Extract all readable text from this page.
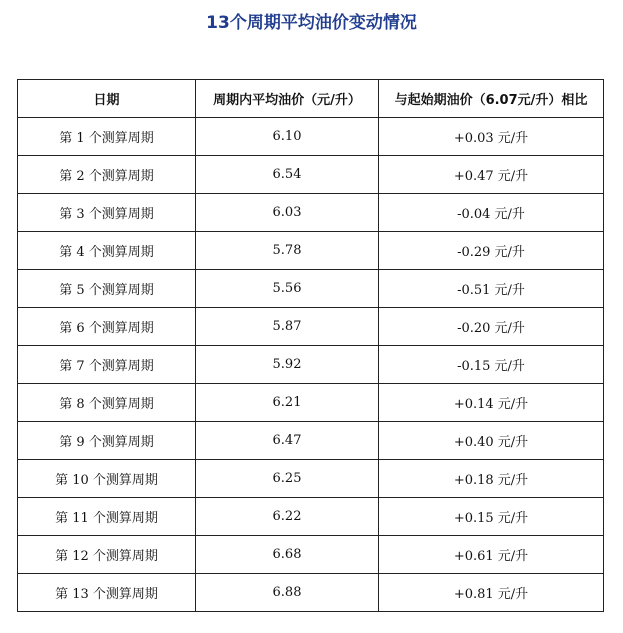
13个周期平均油价变动情况
日期	周期内平均油价（元/升）	与起始期油价（6.07元/升）相比
第 1 个测算周期	6.10	+0.03 元/升
第 2 个测算周期	6.54	+0.47 元/升
第 3 个测算周期	6.03	-0.04 元/升
第 4 个测算周期	5.78	-0.29 元/升
第 5 个测算周期	5.56	-0.51 元/升
第 6 个测算周期	5.87	-0.20 元/升
第 7 个测算周期	5.92	-0.15 元/升
第 8 个测算周期	6.21	+0.14 元/升
第 9 个测算周期	6.47	+0.40 元/升
第 10 个测算周期	6.25	+0.18 元/升
第 11 个测算周期	6.22	+0.15 元/升
第 12 个测算周期	6.68	+0.61 元/升
第 13 个测算周期	6.88	+0.81 元/升
